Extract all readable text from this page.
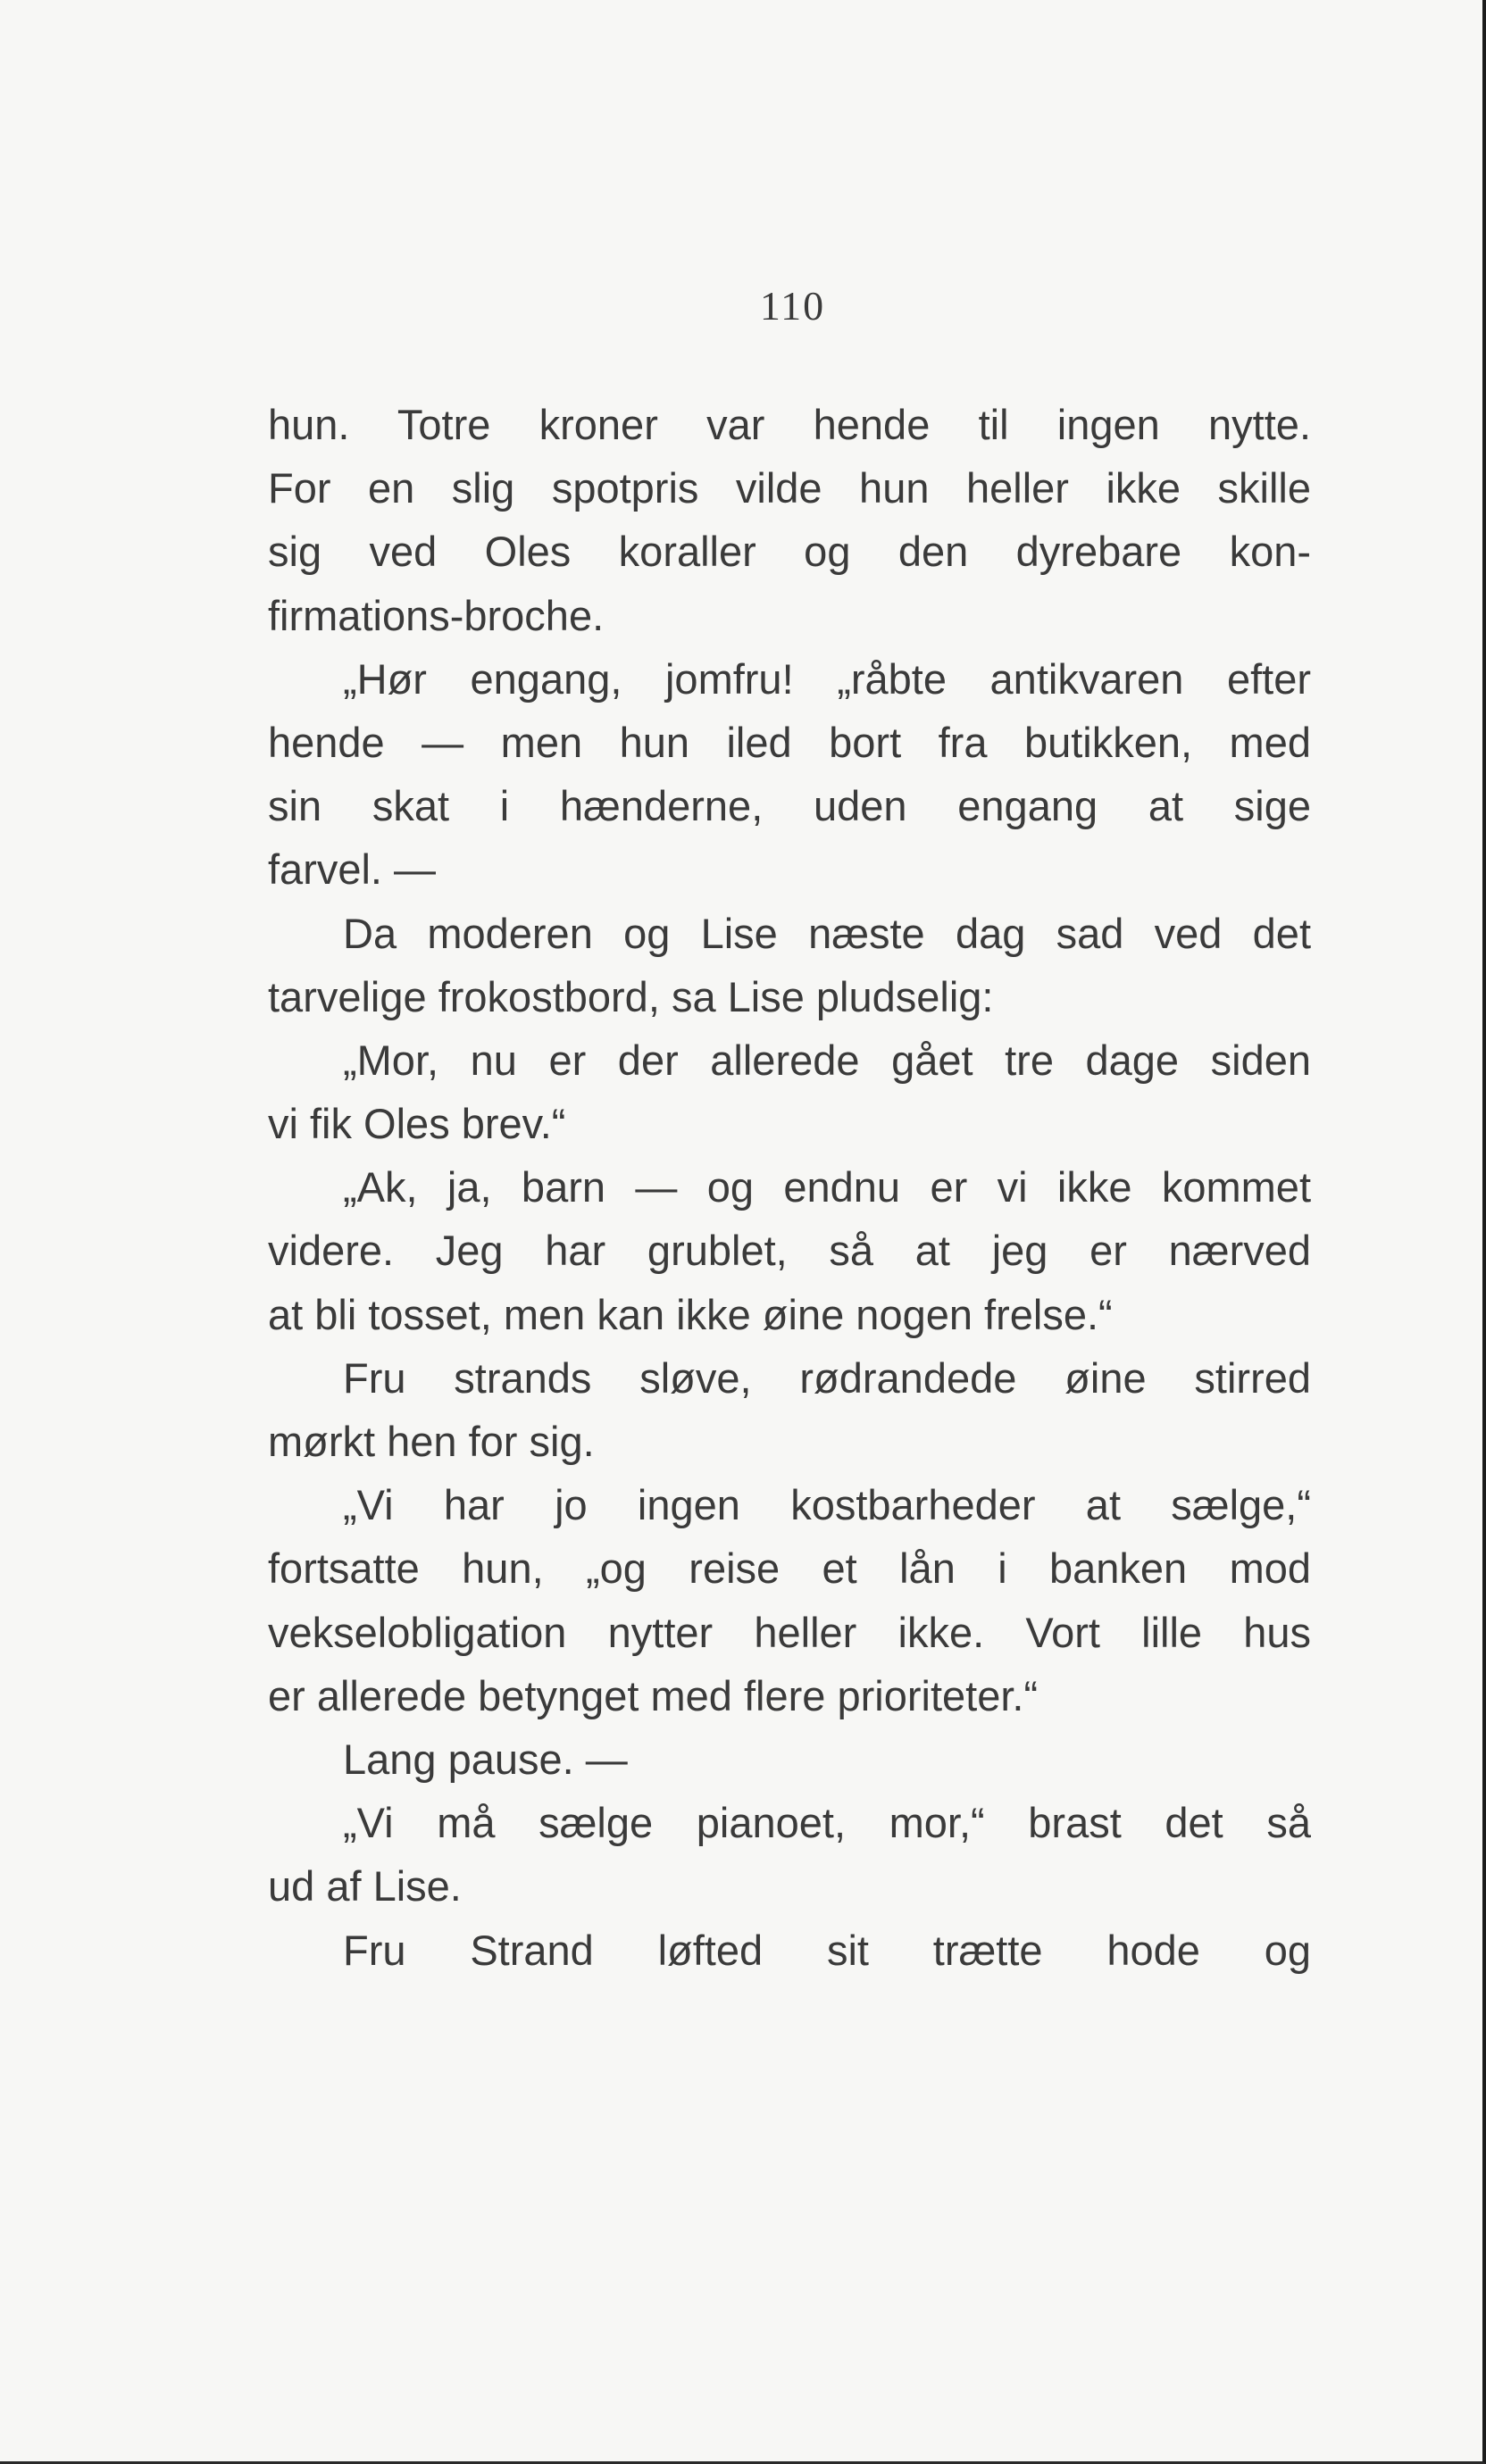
110
hun. Totre kroner var hende til ingen nytte.
For en slig spotpris vilde hun heller ikke skille
sig ved Oles koraller og den dyrebare kon-
firmations-broche.
„Hør engang, jomfru! „råbte antikvaren efter
hende — men hun iled bort fra butikken, med
sin skat i hænderne, uden engang at sige
farvel. —
Da moderen og Lise næste dag sad ved det
tarvelige frokostbord, sa Lise pludselig:
„Mor, nu er der allerede gået tre dage siden
vi fik Oles brev.“
„Ak, ja, barn — og endnu er vi ikke kommet
videre. Jeg har grublet, så at jeg er nærved
at bli tosset, men kan ikke øine nogen frelse.“
Fru strands sløve, rødrandede øine stirred
mørkt hen for sig.
„Vi har jo ingen kostbarheder at sælge,“
fortsatte hun, „og reise et lån i banken mod
vekselobligation nytter heller ikke. Vort lille hus
er allerede betynget med flere prioriteter.“
Lang pause. —
„Vi må sælge pianoet, mor,“ brast det så
ud af Lise.
Fru Strand løfted sit trætte hode og
